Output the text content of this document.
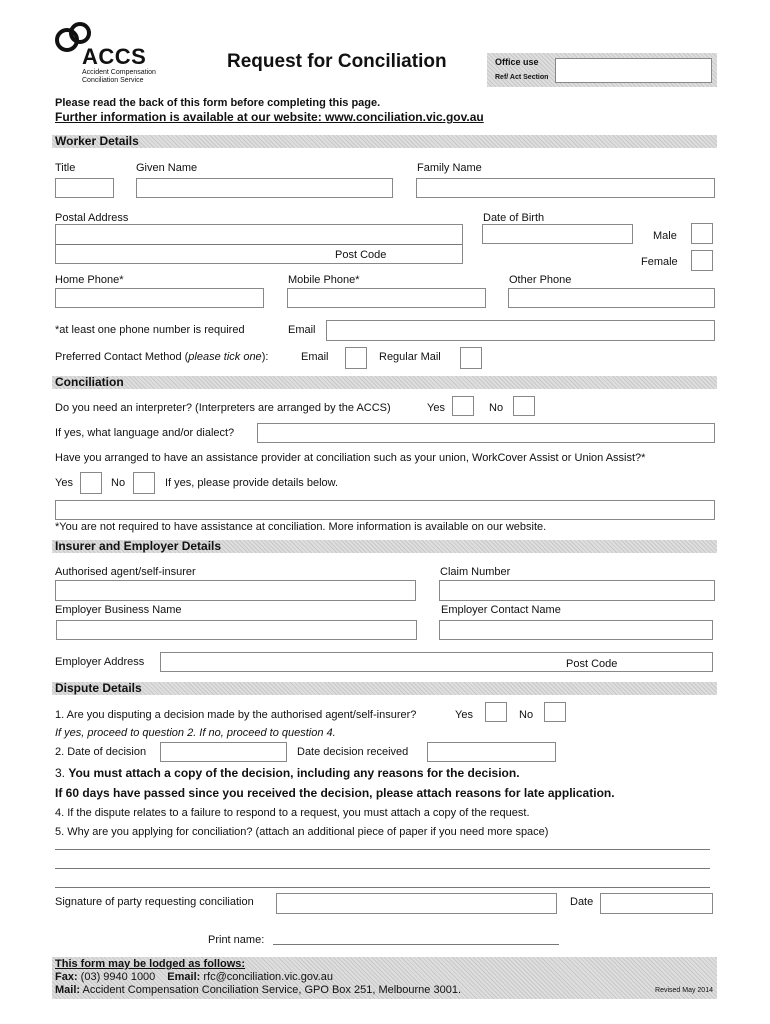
ACCS
Accident Compensation
Conciliation Service
Request for Conciliation	Office use
Ref/ Act Section
Please read the back of this form before completing this page.
Further information is available at our website: www.conciliation.vic.gov.au
Worker Details
Title	Given Name	Family Name
Postal Address	Date of Birth
Post Code
Male
Female
Home Phone*	Mobile Phone*	Other Phone
*at least one phone number is required	Email
Preferred Contact Method (please tick one):	Email	Regular Mail
Conciliation
Do you need an interpreter? (Interpreters are arranged by the ACCS)	Yes	No
If yes, what language and/or dialect?
Have you arranged to have an assistance provider at conciliation such as your union, WorkCover Assist or Union Assist?*
Yes	No	If yes, please provide details below.
*You are not required to have assistance at conciliation. More information is available on our website.
Insurer and Employer Details
Authorised agent/self-insurer	Claim Number
Employer Business Name	Employer Contact Name
Employer Address	Post Code
Dispute Details
1. Are you disputing a decision made by the authorised agent/self-insurer?	Yes	No
If yes, proceed to question 2. If no, proceed to question 4.
2. Date of decision	Date decision received
3. You must attach a copy of the decision, including any reasons for the decision.
If 60 days have passed since you received the decision, please attach reasons for late application.
4. If the dispute relates to a failure to respond to a request, you must attach a copy of the request.
5. Why are you applying for conciliation? (attach an additional piece of paper if you need more space)
Signature of party requesting conciliation	Date
Print name:
This form may be lodged as follows:
Fax: (03) 9940 1000 Email: rfc@conciliation.vic.gov.au
Mail: Accident Compensation Conciliation Service, GPO Box 251, Melbourne 3001.	Revised May 2014
